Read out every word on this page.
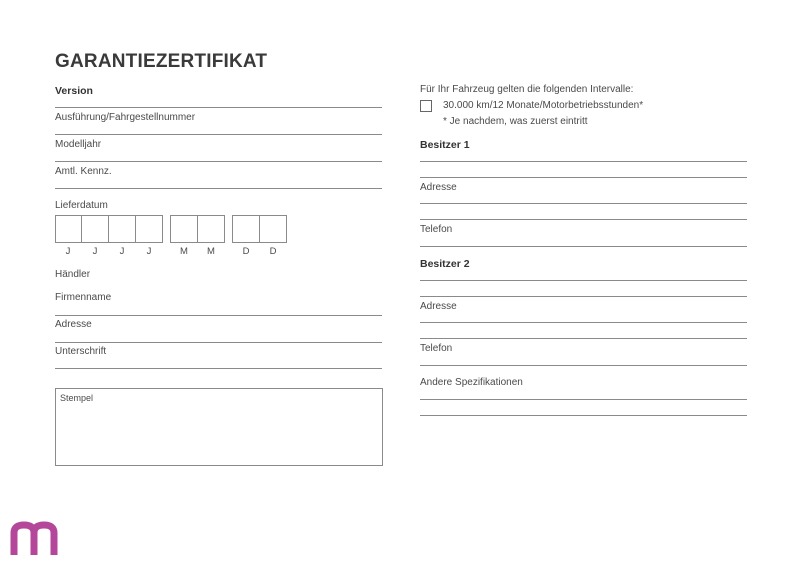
GARANTIEZERTIFIKAT
Version
Ausführung/Fahrgestellnummer
Modelljahr
Amtl. Kennz.
Lieferdatum
J	J	J	J	M	M	D	D
Händler
Firmenname
Adresse
Unterschrift
Stempel
Für Ihr Fahrzeug gelten die folgenden Intervalle:
30.000 km/12 Monate/Motorbetriebsstunden*
* Je nachdem, was zuerst eintritt
Besitzer 1
Adresse
Telefon
Besitzer 2
Adresse
Telefon
Andere Spezifikationen
